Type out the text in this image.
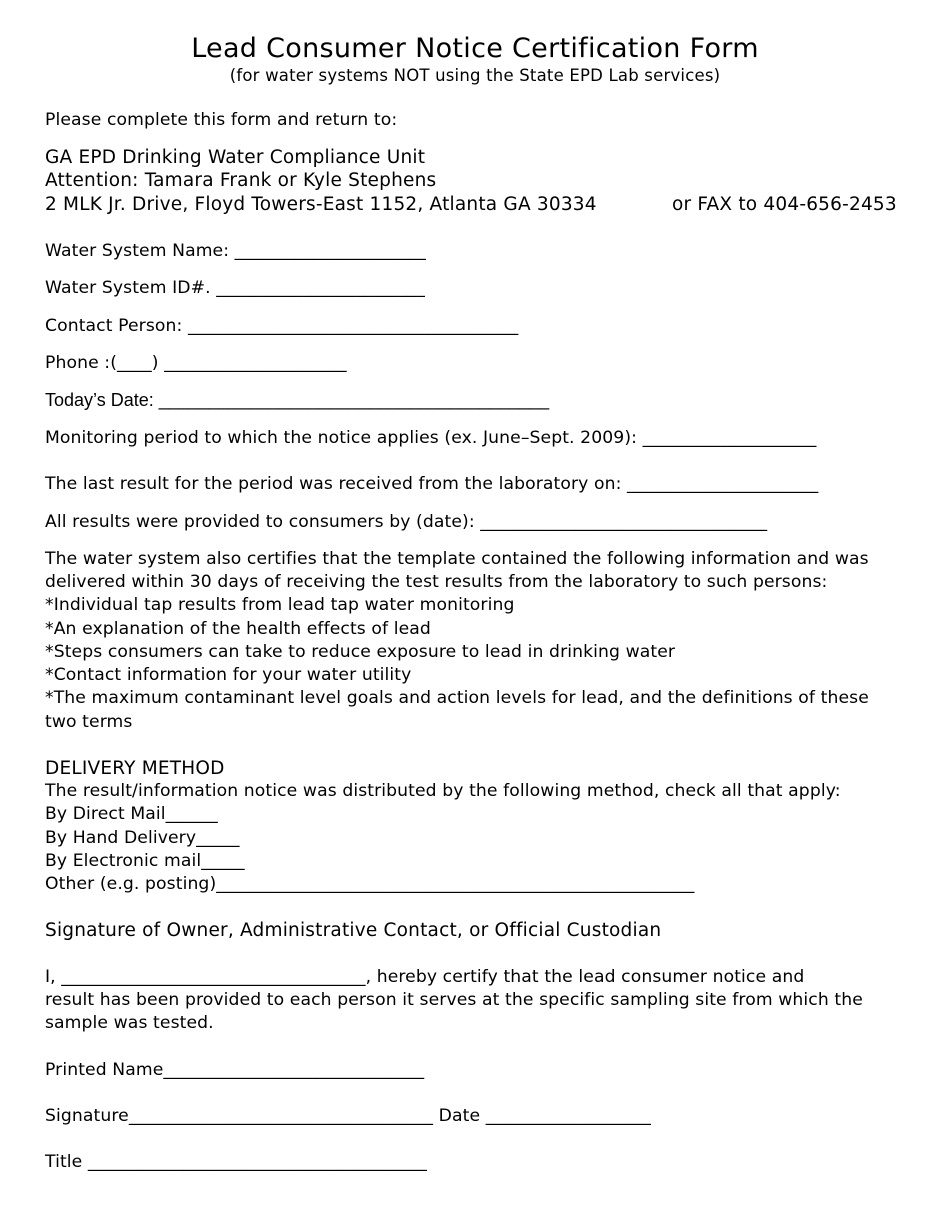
Lead Consumer Notice Certification Form
(for water systems NOT using the State EPD Lab services)
Please complete this form and return to:
GA EPD Drinking Water Compliance Unit
Attention: Tamara Frank or Kyle Stephens
2 MLK Jr. Drive, Floyd Towers-East 1152, Atlanta GA 30334	or FAX to 404-656-2453
Water System Name: ______________________
Water System ID#. ________________________
Contact Person: ______________________________________
Phone :(____) _____________________
Today’s Date: _______________________________________
Monitoring period to which the notice applies (ex. June–Sept. 2009): ____________________
The last result for the period was received from the laboratory on: ______________________
All results were provided to consumers by (date): _________________________________
The water system also certifies that the template contained the following information and was
delivered within 30 days of receiving the test results from the laboratory to such persons:
*Individual tap results from lead tap water monitoring
*An explanation of the health effects of lead
*Steps consumers can take to reduce exposure to lead in drinking water
*Contact information for your water utility
*The maximum contaminant level goals and action levels for lead, and the definitions of these
two terms
DELIVERY METHOD
The result/information notice was distributed by the following method, check all that apply:
By Direct Mail______
By Hand Delivery_____
By Electronic mail_____
Other (e.g. posting)_______________________________________________________
Signature of Owner, Administrative Contact, or Official Custodian
I, ___________________________________, hereby certify that the lead consumer notice and
result has been provided to each person it serves at the specific sampling site from which the
sample was tested.
Printed Name______________________________
Signature___________________________________ Date ___________________
Title _______________________________________
